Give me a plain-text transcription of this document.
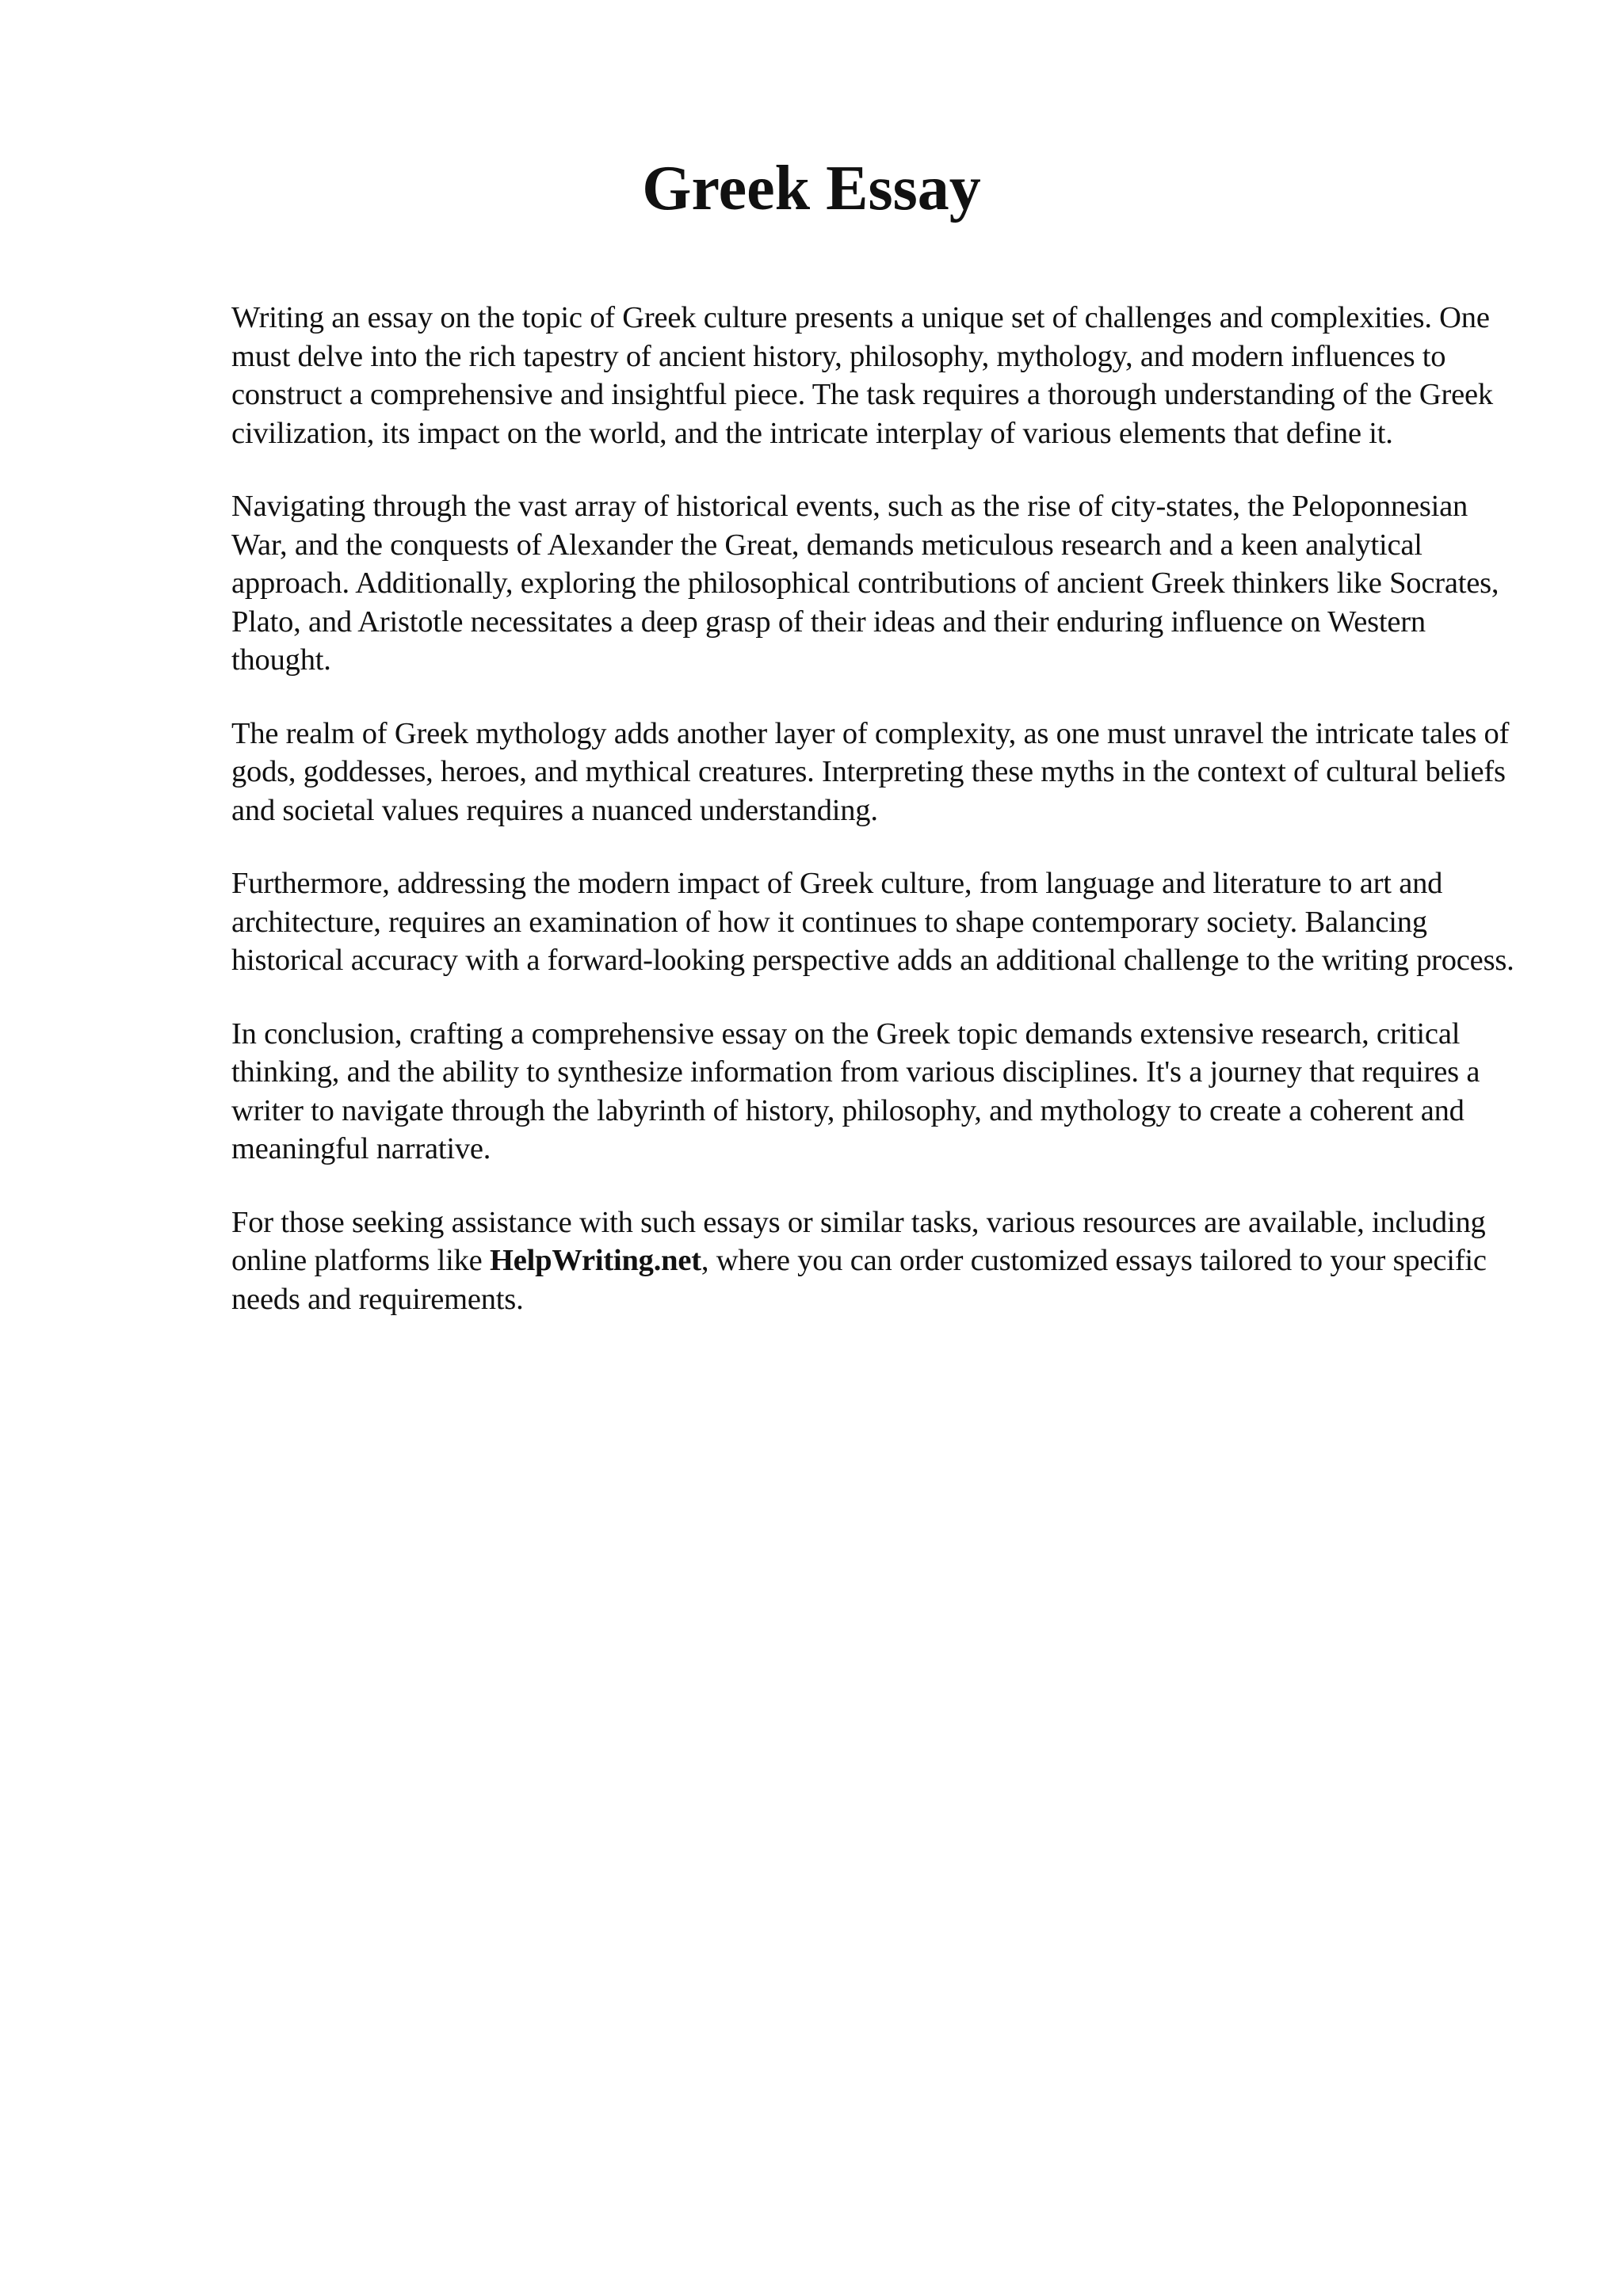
Greek Essay

Writing an essay on the topic of Greek culture presents a unique set of challenges and complexities. One must delve into the rich tapestry of ancient history, philosophy, mythology, and modern influences to construct a comprehensive and insightful piece. The task requires a thorough understanding of the Greek civilization, its impact on the world, and the intricate interplay of various elements that define it.

Navigating through the vast array of historical events, such as the rise of city-states, the Peloponnesian War, and the conquests of Alexander the Great, demands meticulous research and a keen analytical approach. Additionally, exploring the philosophical contributions of ancient Greek thinkers like Socrates, Plato, and Aristotle necessitates a deep grasp of their ideas and their enduring influence on Western thought.

The realm of Greek mythology adds another layer of complexity, as one must unravel the intricate tales of gods, goddesses, heroes, and mythical creatures. Interpreting these myths in the context of cultural beliefs and societal values requires a nuanced understanding.

Furthermore, addressing the modern impact of Greek culture, from language and literature to art and architecture, requires an examination of how it continues to shape contemporary society. Balancing historical accuracy with a forward-looking perspective adds an additional challenge to the writing process.

In conclusion, crafting a comprehensive essay on the Greek topic demands extensive research, critical thinking, and the ability to synthesize information from various disciplines. It's a journey that requires a writer to navigate through the labyrinth of history, philosophy, and mythology to create a coherent and meaningful narrative.

For those seeking assistance with such essays or similar tasks, various resources are available, including online platforms like HelpWriting.net, where you can order customized essays tailored to your specific needs and requirements.
